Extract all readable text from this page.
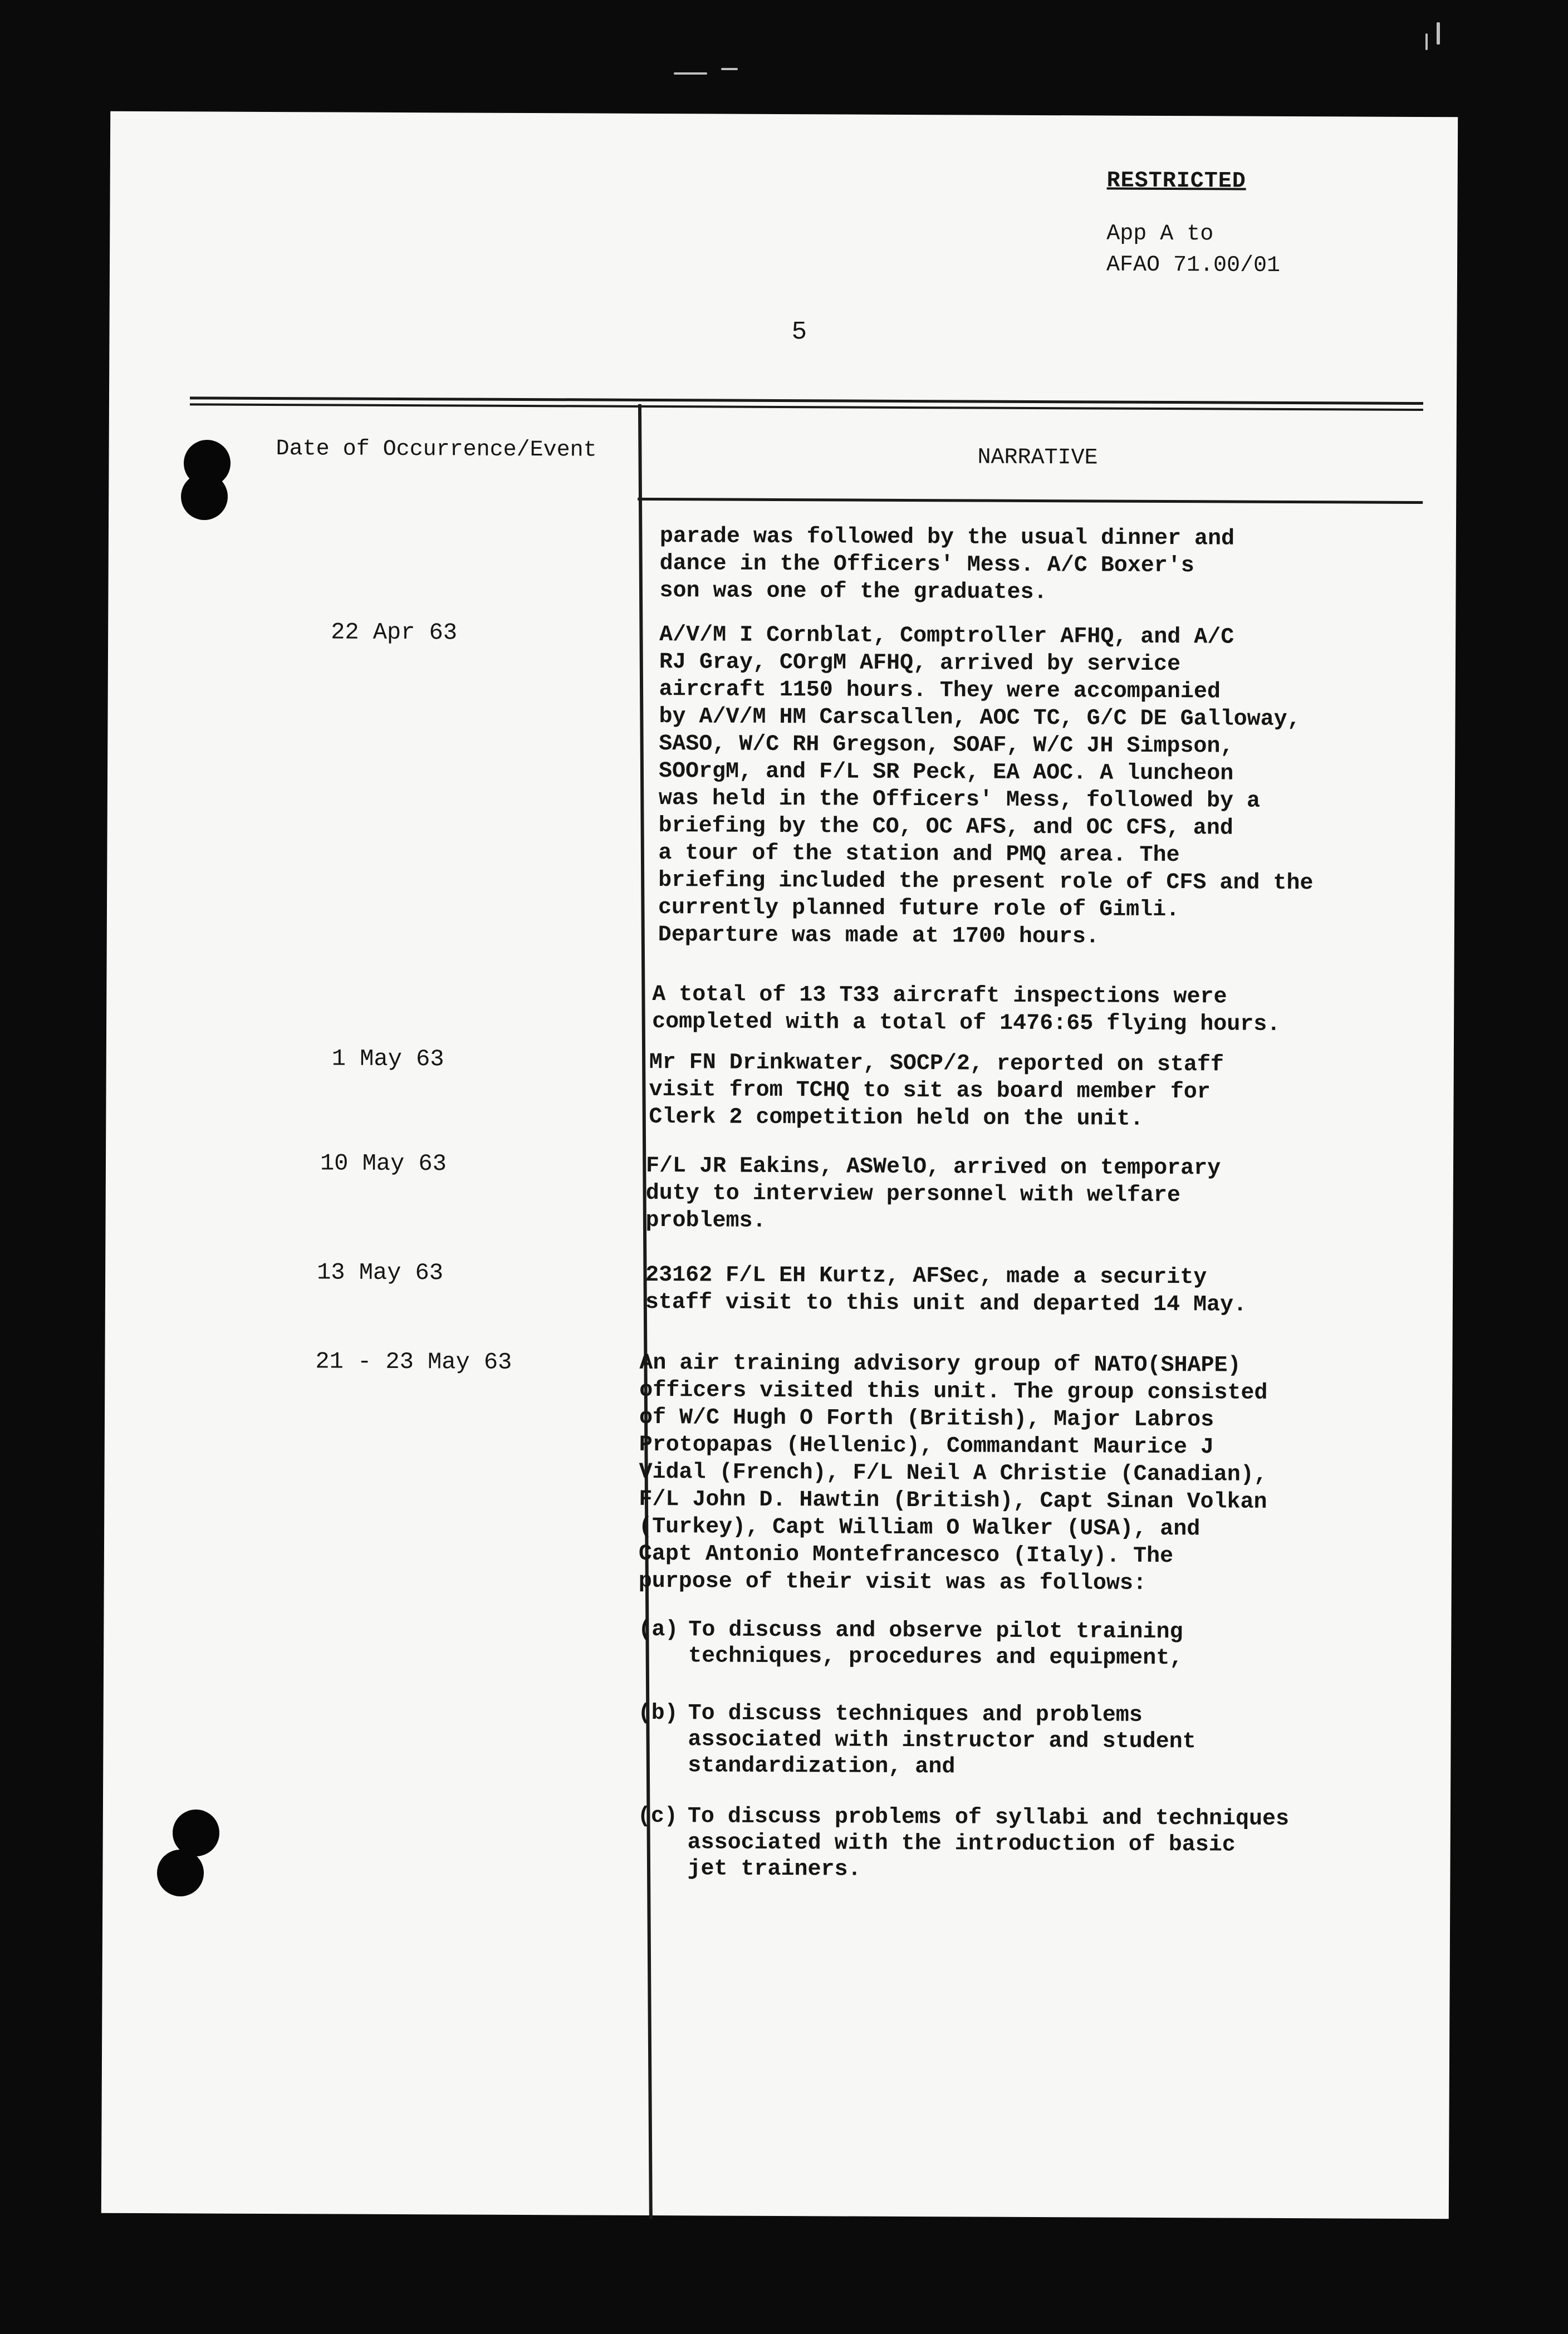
RESTRICTED
App A to
AFAO 71.00/01
5
Date of Occurrence/Event	NARRATIVE
22 Apr 63
1 May 63
10 May 63
13 May 63
21 - 23 May 63
parade was followed by the usual dinner and
dance in the Officers' Mess. A/C Boxer's
son was one of the graduates.
A/V/M I Cornblat, Comptroller AFHQ, and A/C
RJ Gray, COrgM AFHQ, arrived by service
aircraft 1150 hours. They were accompanied
by A/V/M HM Carscallen, AOC TC, G/C DE Galloway,
SASO, W/C RH Gregson, SOAF, W/C JH Simpson,
SOOrgM, and F/L SR Peck, EA AOC. A luncheon
was held in the Officers' Mess, followed by a
briefing by the CO, OC AFS, and OC CFS, and
a tour of the station and PMQ area. The
briefing included the present role of CFS and the
currently planned future role of Gimli.
Departure was made at 1700 hours.
A total of 13 T33 aircraft inspections were
completed with a total of 1476:65 flying hours.
Mr FN Drinkwater, SOCP/2, reported on staff
visit from TCHQ to sit as board member for
Clerk 2 competition held on the unit.
F/L JR Eakins, ASWelO, arrived on temporary
duty to interview personnel with welfare
problems.
23162 F/L EH Kurtz, AFSec, made a security
staff visit to this unit and departed 14 May.
An air training advisory group of NATO(SHAPE)
officers visited this unit. The group consisted
of W/C Hugh O Forth (British), Major Labros
Protopapas (Hellenic), Commandant Maurice J
Vidal (French), F/L Neil A Christie (Canadian),
F/L John D. Hawtin (British), Capt Sinan Volkan
(Turkey), Capt William O Walker (USA), and
Capt Antonio Montefrancesco (Italy). The
purpose of their visit was as follows:
(a) To discuss and observe pilot training
techniques, procedures and equipment,
(b) To discuss techniques and problems
associated with instructor and student
standardization, and
(c) To discuss problems of syllabi and techniques
associated with the introduction of basic
jet trainers.
